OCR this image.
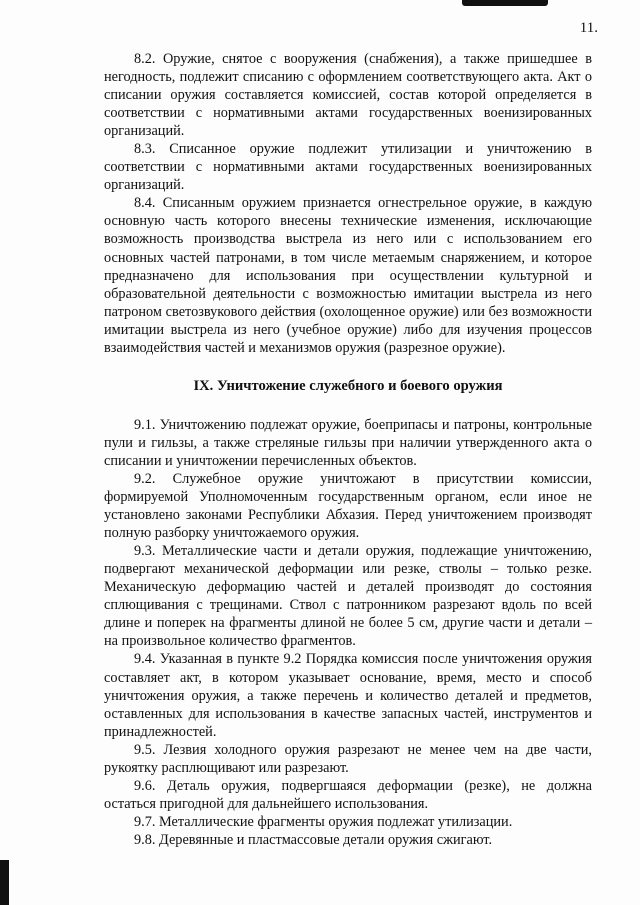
11.

8.2. Оружие, снятое с вооружения (снабжения), а также пришедшее в негодность, подлежит списанию с оформлением соответствующего акта. Акт о списании оружия составляется комиссией, состав которой определяется в соответствии с нормативными актами государственных военизированных организаций.

8.3. Списанное оружие подлежит утилизации и уничтожению в соответствии с нормативными актами государственных военизированных организаций.

8.4. Списанным оружием признается огнестрельное оружие, в каждую основную часть которого внесены технические изменения, исключающие возможность производства выстрела из него или с использованием его основных частей патронами, в том числе метаемым снаряжением, и которое предназначено для использования при осуществлении культурной и образовательной деятельности с возможностью имитации выстрела из него патроном светозвукового действия (охолощенное оружие) или без возможности имитации выстрела из него (учебное оружие) либо для изучения процессов взаимодействия частей и механизмов оружия (разрезное оружие).

IX. Уничтожение служебного и боевого оружия

9.1. Уничтожению подлежат оружие, боеприпасы и патроны, контрольные пули и гильзы, а также стреляные гильзы при наличии утвержденного акта о списании и уничтожении перечисленных объектов.

9.2. Служебное оружие уничтожают в присутствии комиссии, формируемой Уполномоченным государственным органом, если иное не установлено законами Республики Абхазия. Перед уничтожением производят полную разборку уничтожаемого оружия.

9.3. Металлические части и детали оружия, подлежащие уничтожению, подвергают механической деформации или резке, стволы – только резке. Механическую деформацию частей и деталей производят до состояния сплющивания с трещинами. Ствол с патронником разрезают вдоль по всей длине и поперек на фрагменты длиной не более 5 см, другие части и детали – на произвольное количество фрагментов.

9.4. Указанная в пункте 9.2 Порядка комиссия после уничтожения оружия составляет акт, в котором указывает основание, время, место и способ уничтожения оружия, а также перечень и количество деталей и предметов, оставленных для использования в качестве запасных частей, инструментов и принадлежностей.

9.5. Лезвия холодного оружия разрезают не менее чем на две части, рукоятку расплющивают или разрезают.

9.6. Деталь оружия, подвергшаяся деформации (резке), не должна остаться пригодной для дальнейшего использования.

9.7. Металлические фрагменты оружия подлежат утилизации.

9.8. Деревянные и пластмассовые детали оружия сжигают.
